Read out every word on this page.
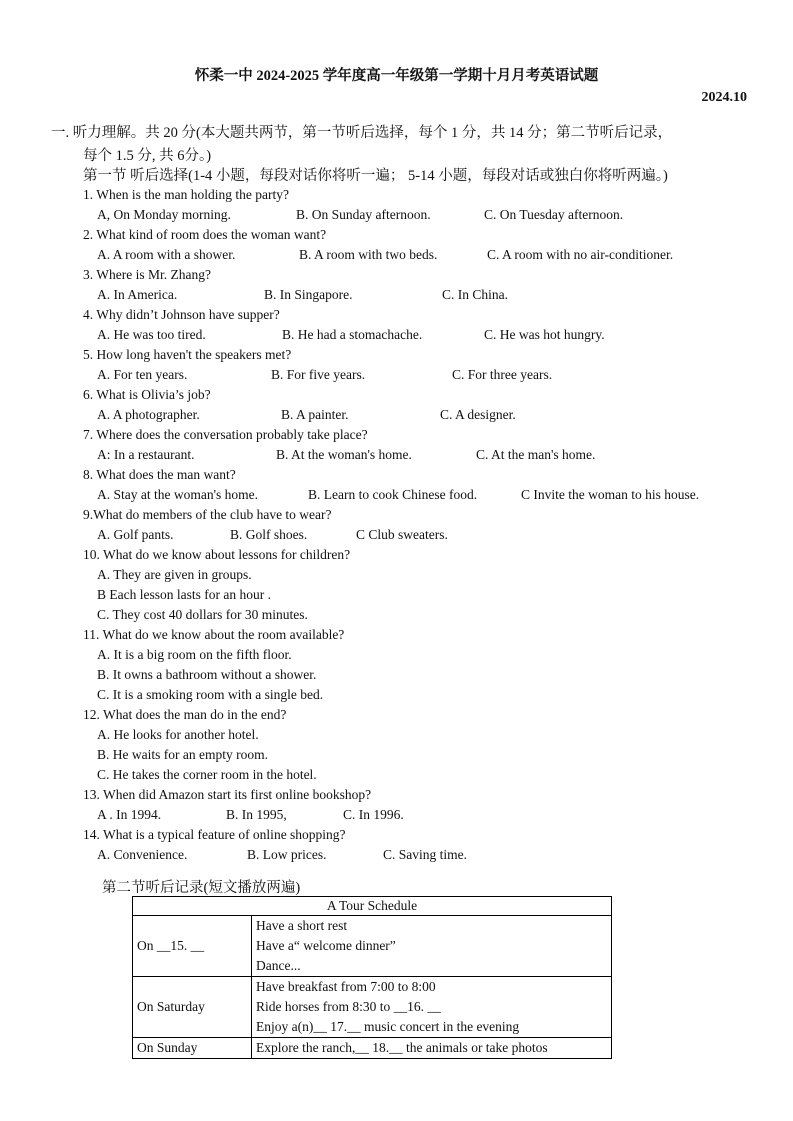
怀柔一中 2024-2025 学年度高一年级第一学期十月月考英语试题
2024.10
一. 听力理解。共 20 分(本大题共两节，第一节听后选择，每个 1 分，共 14 分；第二节听后记录，
每个 1.5 分, 共 6分。)
第一节 听后选择(1-4 小题，每段对话你将听一遍； 5-14 小题，每段对话或独白你将听两遍。)
1. When is the man holding the party?
A, On Monday morning.	B. On Sunday afternoon.	C. On Tuesday afternoon.
2. What kind of room does the woman want?
A. A room with a shower.	B. A room with two beds.	C. A room with no air-conditioner.
3. Where is Mr. Zhang?
A. In America.	B. In Singapore.	C. In China.
4. Why didn’t Johnson have supper?
A. He was too tired.	B. He had a stomachache.	C. He was hot hungry.
5. How long haven't the speakers met?
A. For ten years.	B. For five years.	C. For three years.
6. What is Olivia’s job?
A. A photographer.	B. A painter.	C. A designer.
7. Where does the conversation probably take place?
A: In a restaurant.	B. At the woman's home.	C. At the man's home.
8. What does the man want?
A. Stay at the woman's home.	B. Learn to cook Chinese food.	C Invite the woman to his house.
9.What do members of the club have to wear?
A. Golf pants.	B. Golf shoes.	C Club sweaters.
10. What do we know about lessons for children?
A. They are given in groups.
B Each lesson lasts for an hour .
C. They cost 40 dollars for 30 minutes.
11. What do we know about the room available?
A. It is a big room on the fifth floor.
B. It owns a bathroom without a shower.
C. It is a smoking room with a single bed.
12. What does the man do in the end?
A. He looks for another hotel.
B. He waits for an empty room.
C. He takes the corner room in the hotel.
13. When did Amazon start its first online bookshop?
A . In 1994.	B. In 1995,	C. In 1996.
14. What is a typical feature of online shopping?
A. Convenience.	B. Low prices.	C. Saving time.
第二节听后记录(短文播放两遍)
A Tour Schedule	
On __15. __	Have a short rest
Have a“ welcome dinner”
Dance...

On Saturday	Have breakfast from 7:00 to 8:00
Ride horses from 8:30 to __16. __
Enjoy a(n)__ 17.__ music concert in the evening

On Sunday	Explore the ranch,__ 18.__ the animals or take photos
